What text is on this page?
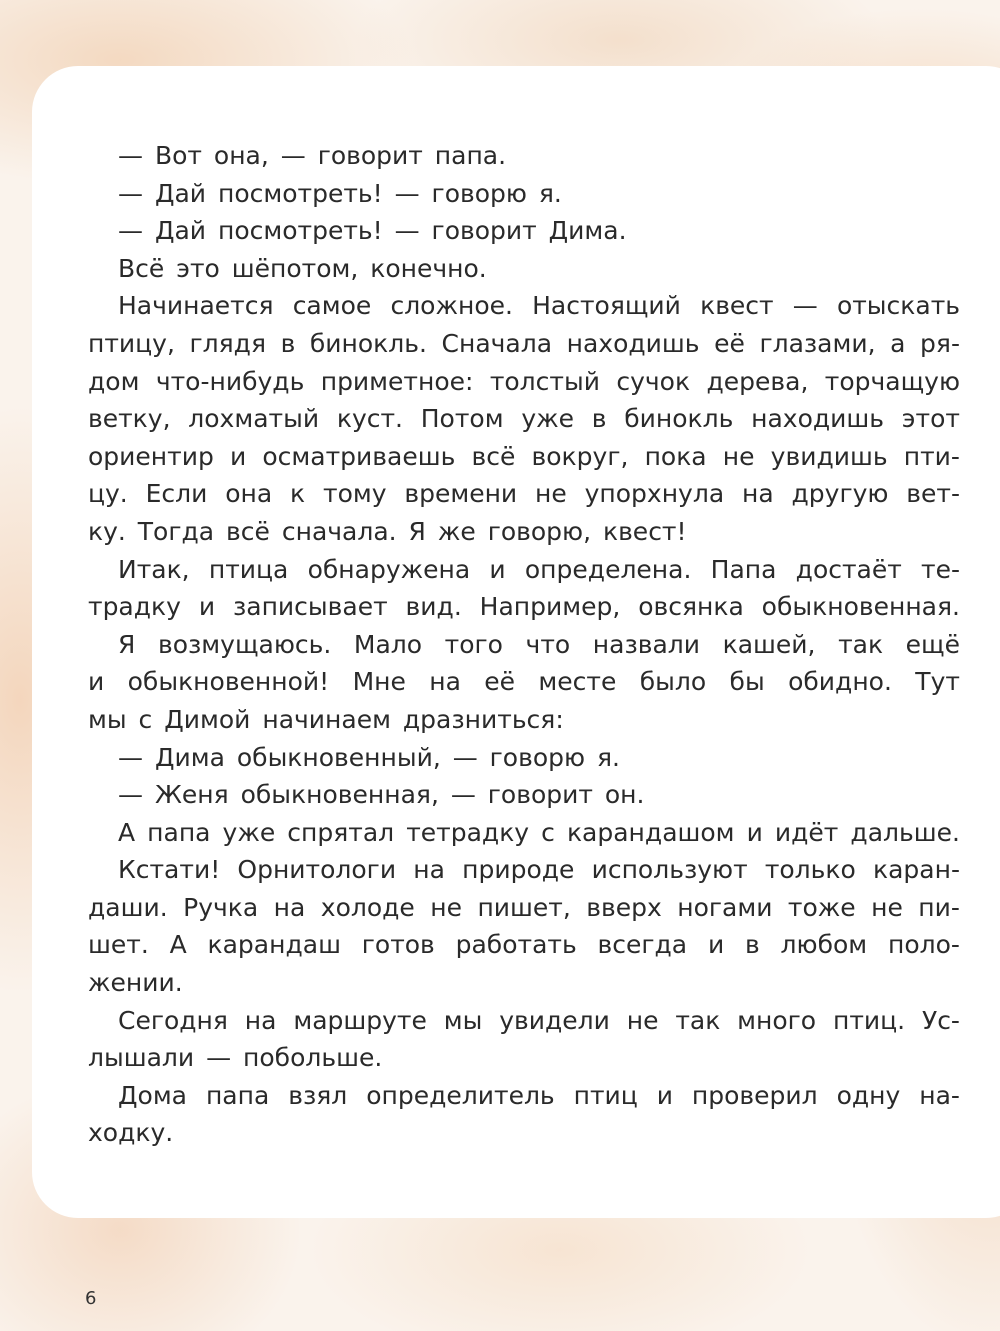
— Вот она, — говорит папа.
— Дай посмотреть! — говорю я.
— Дай посмотреть! — говорит Дима.
Всё это шёпотом, конечно.
Начинается самое сложное. Настоящий квест — отыскать
птицу, глядя в бинокль. Сначала находишь её глазами, а ря-
дом что-нибудь приметное: толстый сучок дерева, торчащую
ветку, лохматый куст. Потом уже в бинокль находишь этот
ориентир и осматриваешь всё вокруг, пока не увидишь пти-
цу. Если она к тому времени не упорхнула на другую вет-
ку. Тогда всё сначала. Я же говорю, квест!
Итак, птица обнаружена и определена. Папа достаёт те-
традку и записывает вид. Например, овсянка обыкновенная.
Я возмущаюсь. Мало того что назвали кашей, так ещё
и обыкновенной! Мне на её месте было бы обидно. Тут
мы с Димой начинаем дразниться:
— Дима обыкновенный, — говорю я.
— Женя обыкновенная, — говорит он.
А папа уже спрятал тетрадку с карандашом и идёт дальше.
Кстати! Орнитологи на природе используют только каран-
даши. Ручка на холоде не пишет, вверх ногами тоже не пи-
шет. А карандаш готов работать всегда и в любом поло-
жении.
Сегодня на маршруте мы увидели не так много птиц. Ус-
лышали — побольше.
Дома папа взял определитель птиц и проверил одну на-
ходку.
6
